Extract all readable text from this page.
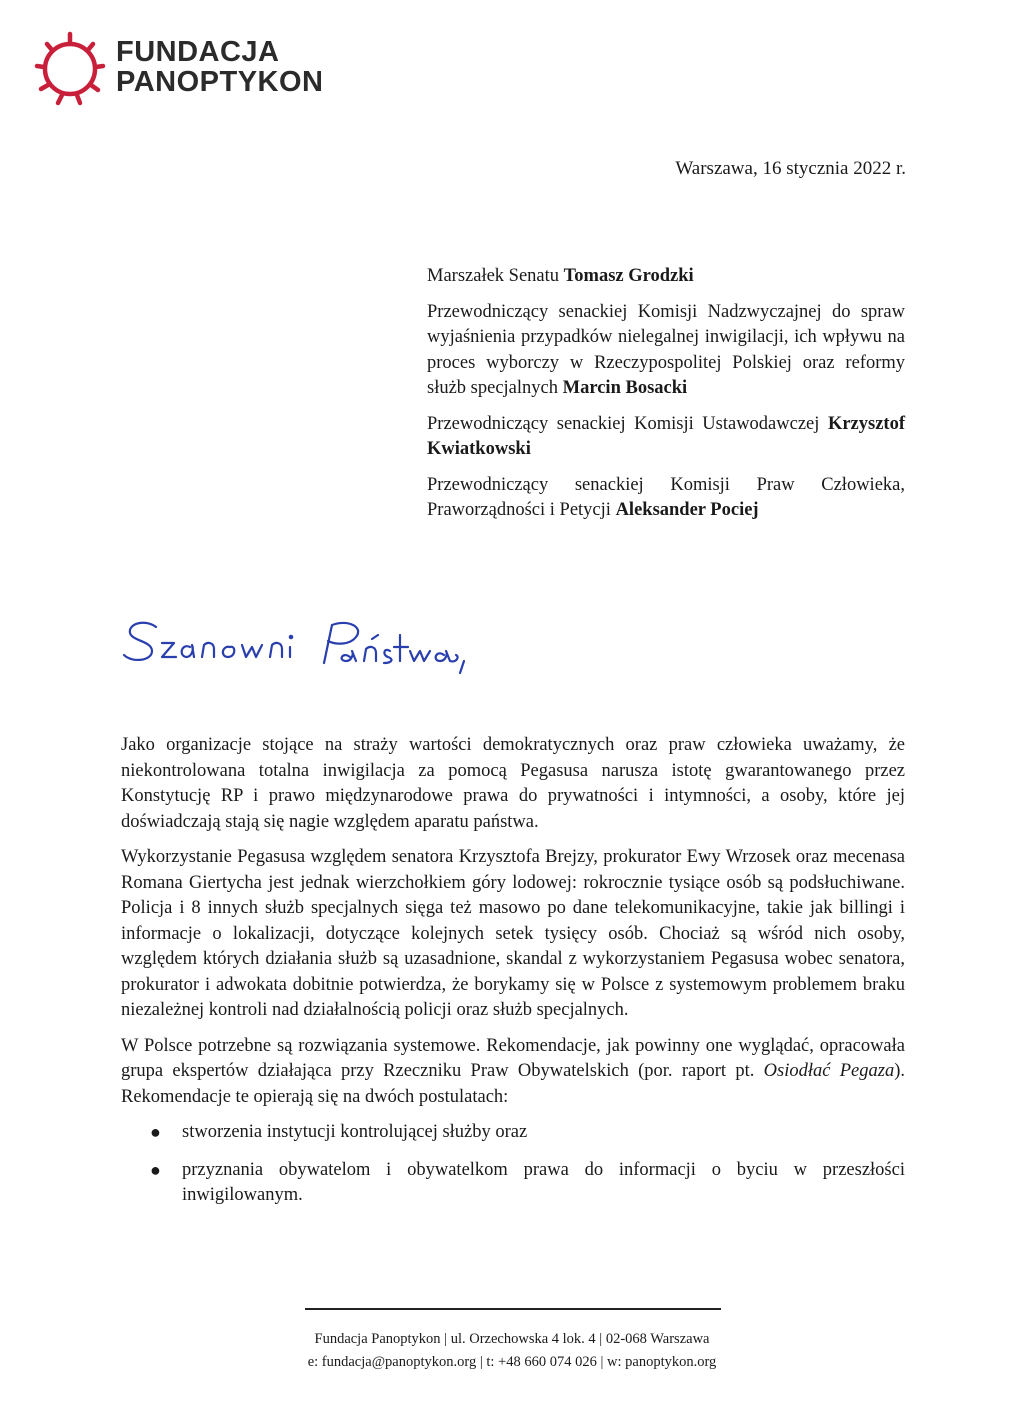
FUNDACJA
PANOPTYKON
Warszawa, 16 stycznia 2022 r.

Marszałek Senatu Tomasz Grodzki

Przewodniczący senackiej Komisji Nadzwyczajnej do spraw wyjaśnienia przypadków nielegalnej inwigilacji, ich wpływu na proces wyborczy w Rzeczypospolitej Polskiej oraz reformy służb specjalnych Marcin Bosacki

Przewodniczący senackiej Komisji Ustawodawczej Krzysztof Kwiatkowski

Przewodniczący senackiej Komisji Praw Człowieka, Praworządności i Petycji Aleksander Pociej

Jako organizacje stojące na straży wartości demokratycznych oraz praw człowieka uważamy, że niekontrolowana totalna inwigilacja za pomocą Pegasusa narusza istotę gwarantowanego przez Konstytucję RP i prawo międzynarodowe prawa do prywatności i intymności, a osoby, które jej doświadczają stają się nagie względem aparatu państwa.

Wykorzystanie Pegasusa względem senatora Krzysztofa Brejzy, prokurator Ewy Wrzosek oraz mecenasa Romana Giertycha jest jednak wierzchołkiem góry lodowej: rokrocznie tysiące osób są podsłuchiwane. Policja i 8 innych służb specjalnych sięga też masowo po dane telekomunikacyjne, takie jak billingi i informacje o lokalizacji, dotyczące kolejnych setek tysięcy osób. Chociaż są wśród nich osoby, względem których działania służb są uzasadnione, skandal z wykorzystaniem Pegasusa wobec senatora, prokurator i adwokata dobitnie potwierdza, że borykamy się w Polsce z systemowym problemem braku niezależnej kontroli nad działalnością policji oraz służb specjalnych.

W Polsce potrzebne są rozwiązania systemowe. Rekomendacje, jak powinny one wyglądać, opracowała grupa ekspertów działająca przy Rzeczniku Praw Obywatelskich (por. raport pt. Osiodłać Pegaza). Rekomendacje te opierają się na dwóch postulatach:

● stworzenia instytucji kontrolującej służby oraz
● przyznania obywatelom i obywatelkom prawa do informacji o byciu w przeszłości inwigilowanym.
Fundacja Panoptykon | ul. Orzechowska 4 lok. 4 | 02-068 Warszawa
e: fundacja@panoptykon.org | t: +48 660 074 026 | w: panoptykon.org
